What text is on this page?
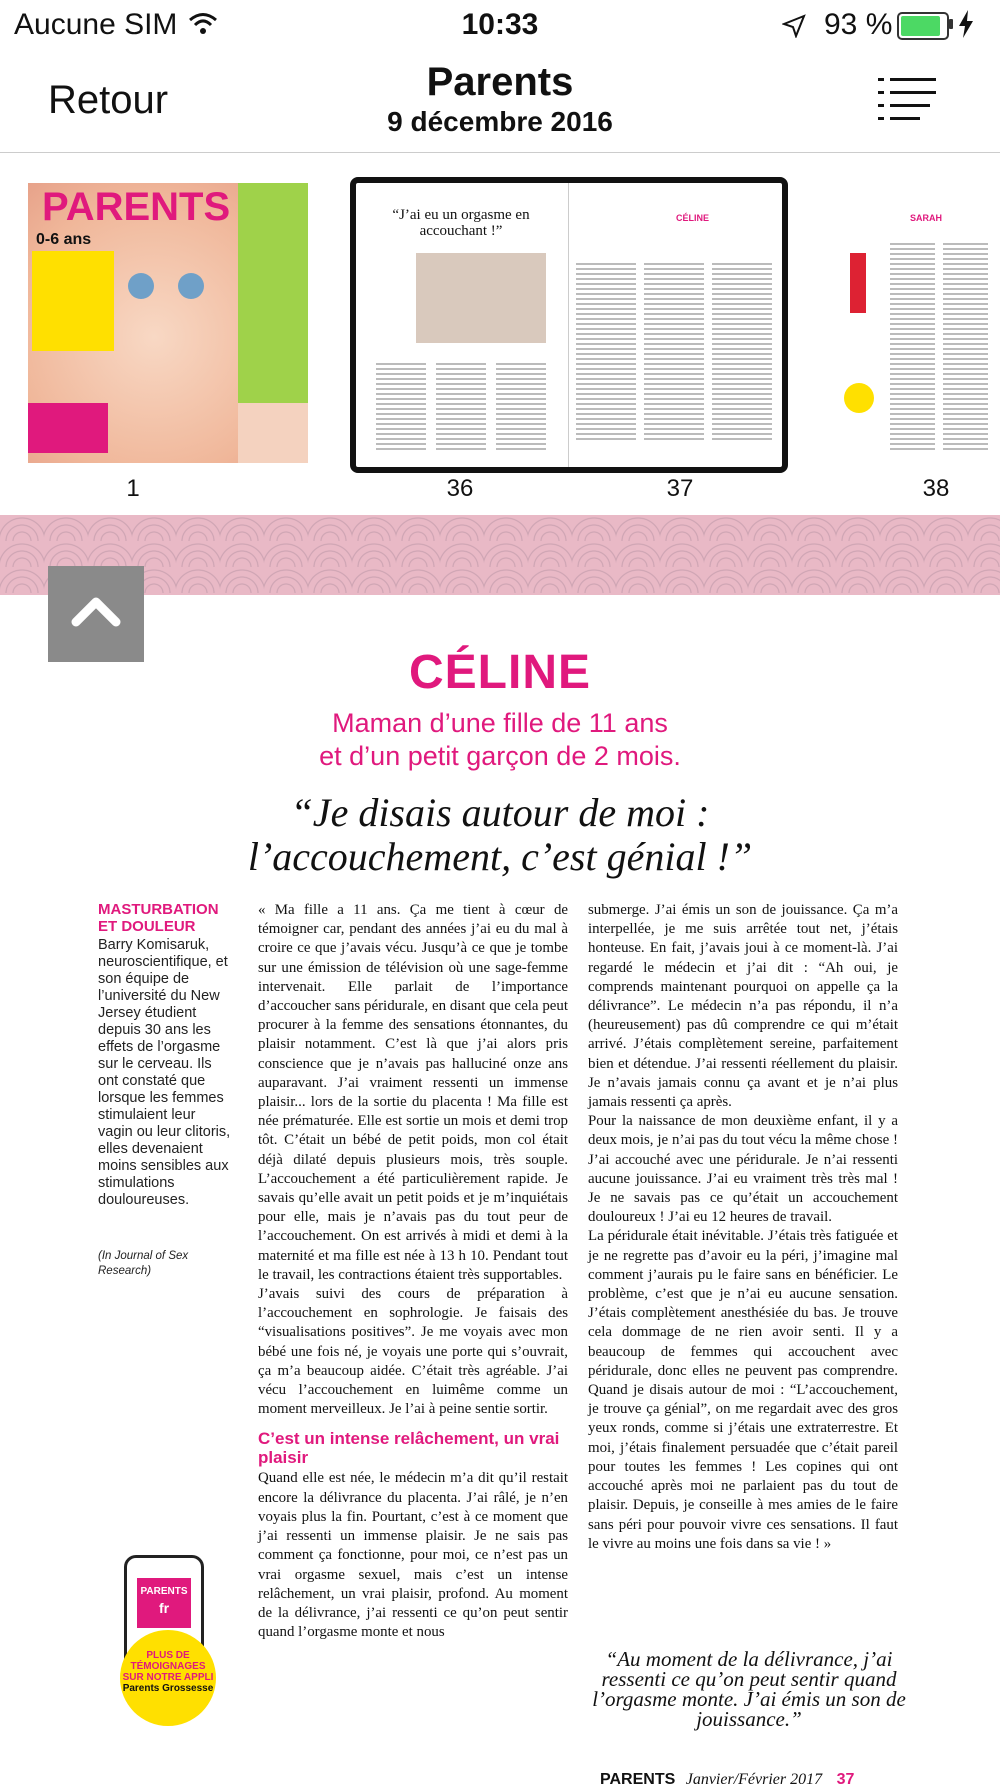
Aucune SIM	10:33	93 %
Retour	Parents
9 décembre 2016
PARENTS
0-6 ans
1
“J’ai eu un orgasme en accouchant !”
CÉLINE
36	37
SARAH
38
CÉLINE
Maman d’une fille de 11 ans
et d’un petit garçon de 2 mois.
“Je disais autour de moi :
l’accouchement, c’est génial !”
MASTURBATION ET DOULEUR
Barry Komisaruk, neuroscientifique, et son équipe de l’université du New Jersey étudient depuis 30 ans les effets de l’orgasme sur le cerveau. Ils ont constaté que lorsque les femmes stimulaient leur vagin ou leur clitoris, elles devenaient moins sensibles aux stimulations douloureuses.
(In Journal of Sex Research)

« Ma fille a 11 ans. Ça me tient à cœur de témoigner car, pendant des années j’ai eu du mal à croire ce que j’avais vécu. Jusqu’à ce que je tombe sur une émission de télévision où une sage-femme intervenait. Elle parlait de l’importance d’accoucher sans péridurale, en disant que cela peut procurer à la femme des sensations étonnantes, du plaisir notamment. C’est là que j’ai alors pris conscience que je n’avais pas halluciné onze ans auparavant. J’ai vraiment ressenti un immense plaisir... lors de la sortie du placenta ! Ma fille est née prématurée. Elle est sortie un mois et demi trop tôt. C’était un bébé de petit poids, mon col était déjà dilaté depuis plusieurs mois, très souple. L’accouchement a été particulièrement rapide. Je savais qu’elle avait un petit poids et je m’inquiétais pour elle, mais je n’avais pas du tout peur de l’accouchement. On est arrivés à midi et demi à la maternité et ma fille est née à 13 h 10. Pendant tout le travail, les contractions étaient très supportables.

J’avais suivi des cours de préparation à l’accouchement en sophrologie. Je faisais des “visualisations positives”. Je me voyais avec mon bébé une fois né, je voyais une porte qui s’ouvrait, ça m’a beaucoup aidée. C’était très agréable. J’ai vécu l’accouchement en luimême comme un moment merveilleux. Je l’ai à peine sentie sortir.

C’est un intense relâchement, un vrai plaisir

Quand elle est née, le médecin m’a dit qu’il restait encore la délivrance du placenta. J’ai râlé, je n’en voyais plus la fin. Pourtant, c’est à ce moment que j’ai ressenti un immense plaisir. Je ne sais pas comment ça fonctionne, pour moi, ce n’est pas un vrai orgasme sexuel, mais c’est un intense relâchement, un vrai plaisir, profond. Au moment de la délivrance, j’ai ressenti ce qu’on peut sentir quand l’orgasme monte et nous

submerge. J’ai émis un son de jouissance. Ça m’a interpellée, je me suis arrêtée tout net, j’étais honteuse. En fait, j’avais joui à ce moment-là. J’ai regardé le médecin et j’ai dit : “Ah oui, je comprends maintenant pourquoi on appelle ça la délivrance”. Le médecin n’a pas répondu, il n’a (heureusement) pas dû comprendre ce qui m’était arrivé. J’étais complètement sereine, parfaitement bien et détendue. J’ai ressenti réellement du plaisir. Je n’avais jamais connu ça avant et je n’ai plus jamais ressenti ça après.

Pour la naissance de mon deuxième enfant, il y a deux mois, je n’ai pas du tout vécu la même chose ! J’ai accouché avec une péridurale. Je n’ai ressenti aucune jouissance. J’ai eu vraiment très très mal ! Je ne savais pas ce qu’était un accouchement douloureux ! J’ai eu 12 heures de travail.

La péridurale était inévitable. J’étais très fatiguée et je ne regrette pas d’avoir eu la péri, j’imagine mal comment j’aurais pu le faire sans en bénéficier. Le problème, c’est que je n’ai eu aucune sensation. J’étais complètement anesthésiée du bas. Je trouve cela dommage de ne rien avoir senti. Il y a beaucoup de femmes qui accouchent avec péridurale, donc elles ne peuvent pas comprendre. Quand je disais autour de moi : “L’accouchement, je trouve ça génial”, on me regardait avec des gros yeux ronds, comme si j’étais une extraterrestre. Et moi, j’étais finalement persuadée que c’était pareil pour toutes les femmes ! Les copines qui ont accouché après moi ne parlaient pas du tout de plaisir. Depuis, je conseille à mes amies de le faire sans péri pour pouvoir vivre ces sensations. Il faut le vivre au moins une fois dans sa vie ! »

“Au moment de la délivrance, j’ai ressenti ce qu’on peut sentir quand l’orgasme monte. J’ai émis un son de jouissance.”
PARENTS
fr
PLUS DE TÉMOIGNAGES SUR NOTRE APPLI
Parents Grossesse
PARENTS Janvier/Février 2017 37
